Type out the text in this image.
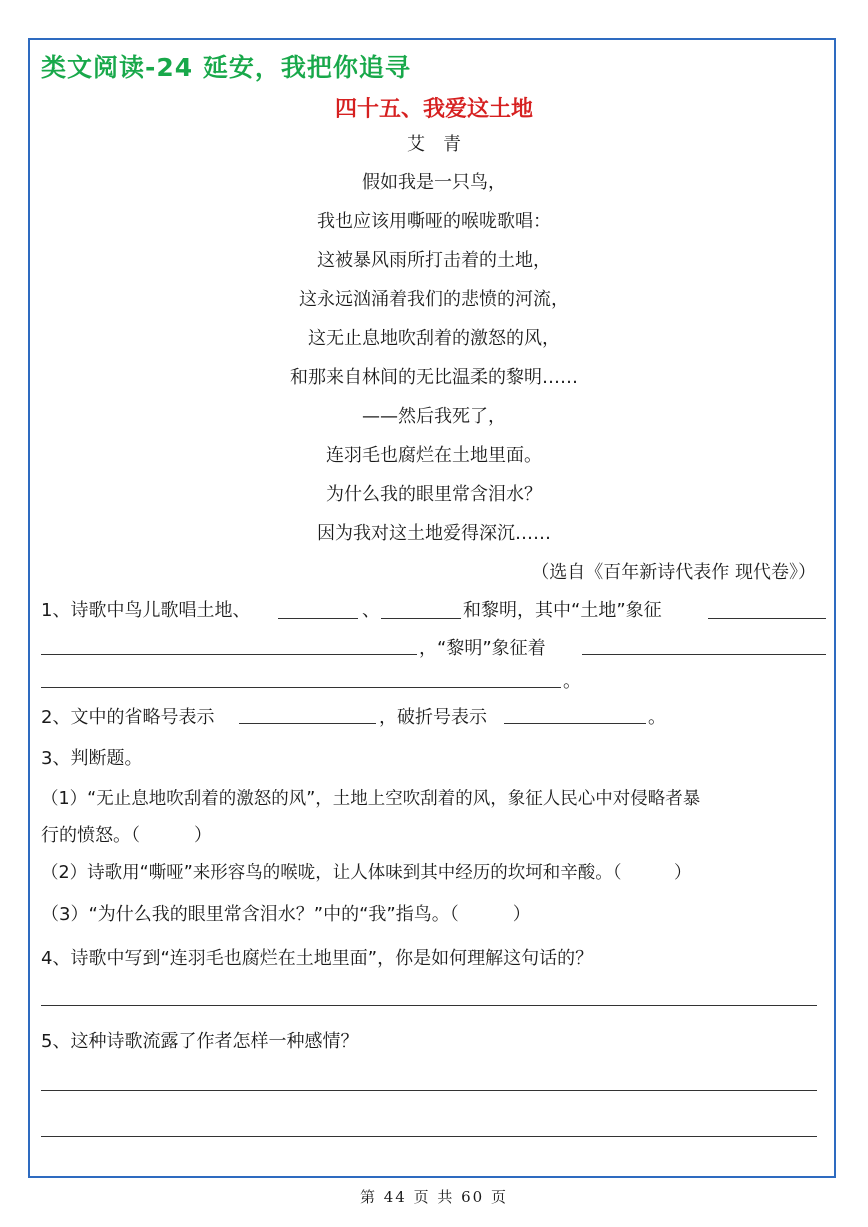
类文阅读-24 延安，我把你追寻
四十五、我爱这土地
艾青
假如我是一只鸟，
我也应该用嘶哑的喉咙歌唱：
这被暴风雨所打击着的土地，
这永远汹涌着我们的悲愤的河流，
这无止息地吹刮着的激怒的风，
和那来自林间的无比温柔的黎明……
——然后我死了，
连羽毛也腐烂在土地里面。
为什么我的眼里常含泪水？
因为我对这土地爱得深沉……
（选自《百年新诗代表作 现代卷》）
1、诗歌中鸟儿歌唱土地、	、	和黎明，其中“土地”象征
，“黎明”象征着
。
2、文中的省略号表示	，破折号表示	。
3、判断题。
（1）“无止息地吹刮着的激怒的风”，土地上空吹刮着的风，象征人民心中对侵略者暴
行的愤怒。（　　　）
（2）诗歌用“嘶哑”来形容鸟的喉咙，让人体味到其中经历的坎坷和辛酸。（　　　）
（3）“为什么我的眼里常含泪水？”中的“我”指鸟。（　　　）
4、诗歌中写到“连羽毛也腐烂在土地里面”，你是如何理解这句话的？
5、这种诗歌流露了作者怎样一种感情？
第 44 页 共 60 页
